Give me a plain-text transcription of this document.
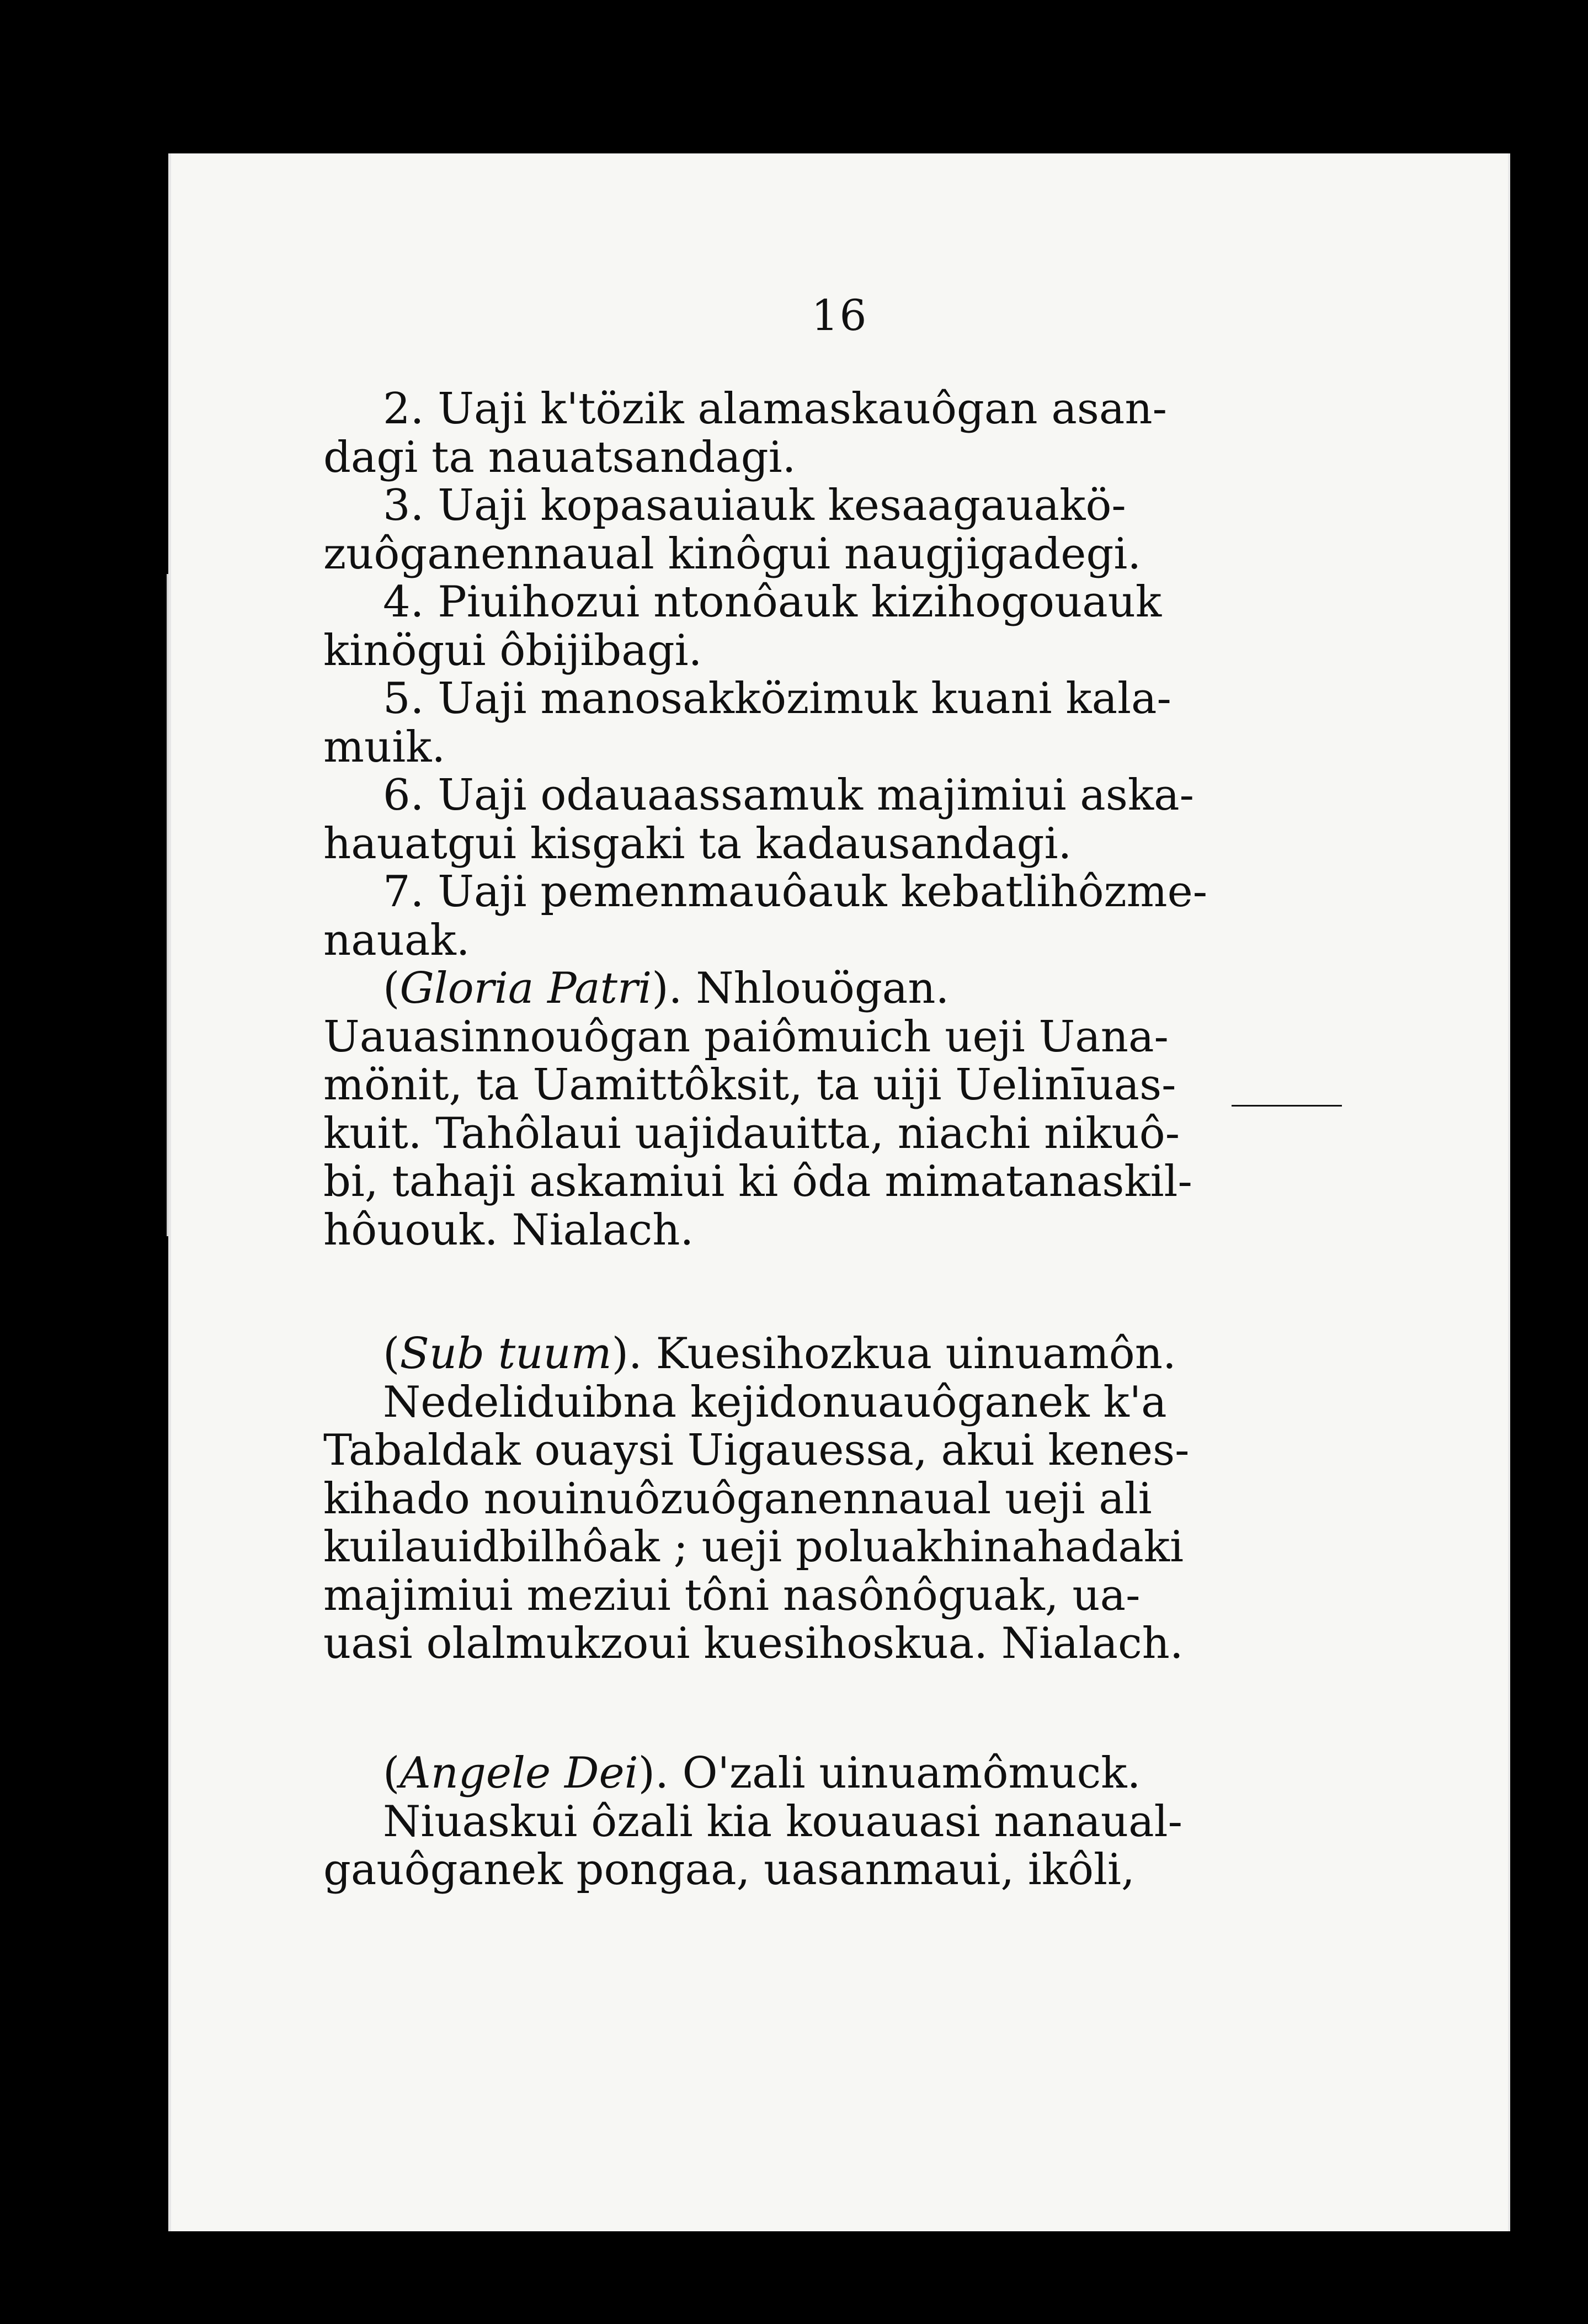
16
2. Uaji k'tözik alamaskauôgan asan-
dagi ta nauatsandagi.
3. Uaji kopasauiauk kesaagauakö-
zuôganennaual kinôgui naugjigadegi.
4. Piuihozui ntonôauk kizihogouauk
kinögui ôbijibagi.
5. Uaji manosakközimuk kuani kala-
muik.
6. Uaji odauaassamuk majimiui aska-
hauatgui kisgaki ta kadausandagi.
7. Uaji pemenmauôauk kebatlihôzme-
nauak.
(Gloria Patri). Nhlouögan.
Uauasinnouôgan paiômuich ueji Uana-
mönit, ta Uamittôksit, ta uiji Uelinīuas-
kuit. Tahôlaui uajidauitta, niachi nikuô-
bi, tahaji askamiui ki ôda mimatanaskil-
hôuouk. Nialach.
(Sub tuum). Kuesihozkua uinuamôn.
Nedeliduibna kejidonuauôganek k'a
Tabaldak ouaysi Uigauessa, akui kenes-
kihado nouinuôzuôganennaual ueji ali
kuilauidbilhôak ; ueji poluakhinahadaki
majimiui meziui tôni nasônôguak, ua-
uasi olalmukzoui kuesihoskua. Nialach.
(Angele Dei). O'zali uinuamômuck.
Niuaskui ôzali kia kouauasi nanaual-
gauôganek pongaa, uasanmaui, ikôli,
